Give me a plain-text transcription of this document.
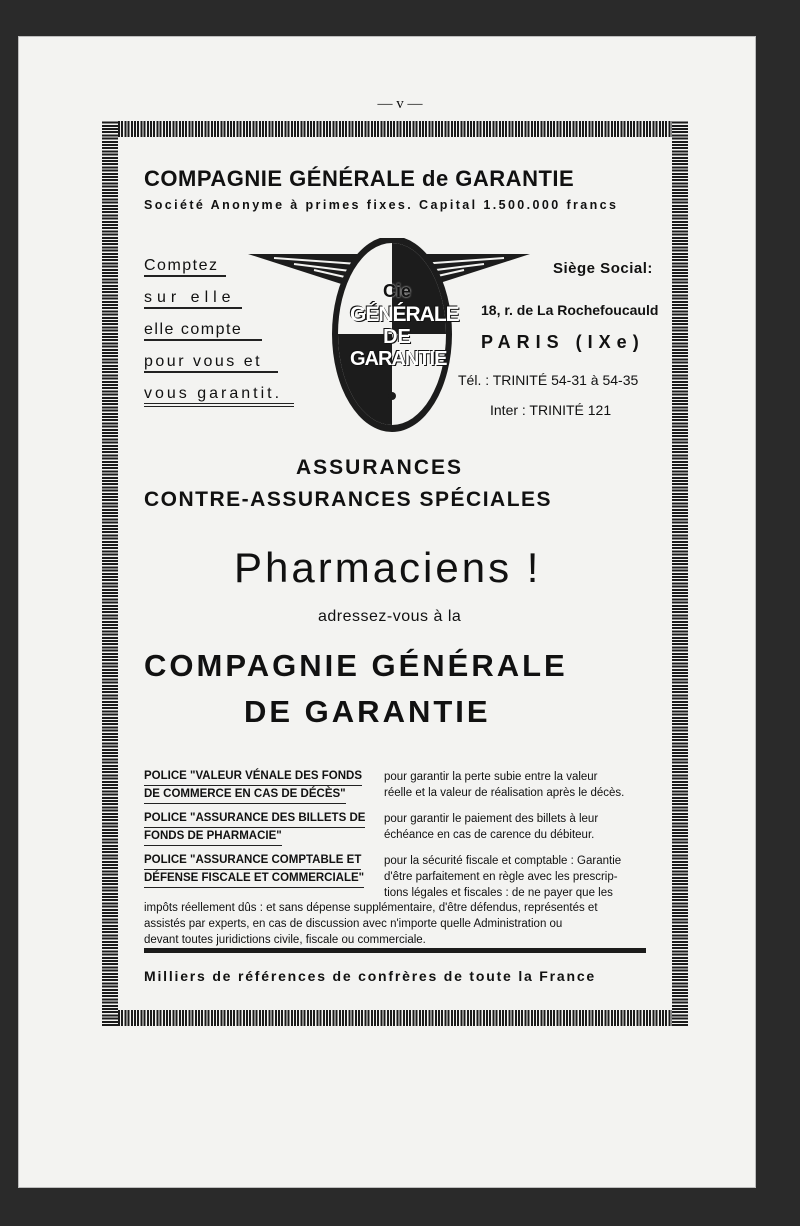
— v —
COMPAGNIE GÉNÉRALE de GARANTIE
Société Anonyme à primes fixes. Capital 1.500.000 francs
Comptez
sur elle
elle compte
pour vous et
vous garantit.
Cie
GÉNÉRALE
DE
GARANTIE
Siège Social:
18, r. de La Rochefoucauld
PARIS (IXe)
Tél. : TRINITÉ 54-31 à 54-35
Inter : TRINITÉ 121
ASSURANCES
CONTRE-ASSURANCES SPÉCIALES
Pharmaciens !
adressez-vous à la
COMPAGNIE GÉNÉRALE
DE GARANTIE
POLICE "VALEUR VÉNALE DES FONDS
DE COMMERCE EN CAS DE DÉCÈS"
pour garantir la perte subie entre la valeur
réelle et la valeur de réalisation après le décès.
POLICE "ASSURANCE DES BILLETS DE
FONDS DE PHARMACIE"
pour garantir le paiement des billets à leur
échéance en cas de carence du débiteur.
POLICE "ASSURANCE COMPTABLE ET
DÉFENSE FISCALE ET COMMERCIALE"
pour la sécurité fiscale et comptable : Garantie
d'être parfaitement en règle avec les prescrip-
tions légales et fiscales : de ne payer que les
impôts réellement dûs : et sans dépense supplémentaire, d'être défendus, représentés et
assistés par experts, en cas de discussion avec n'importe quelle Administration ou
devant toutes juridictions civile, fiscale ou commerciale.
Milliers de références de confrères de toute la France
